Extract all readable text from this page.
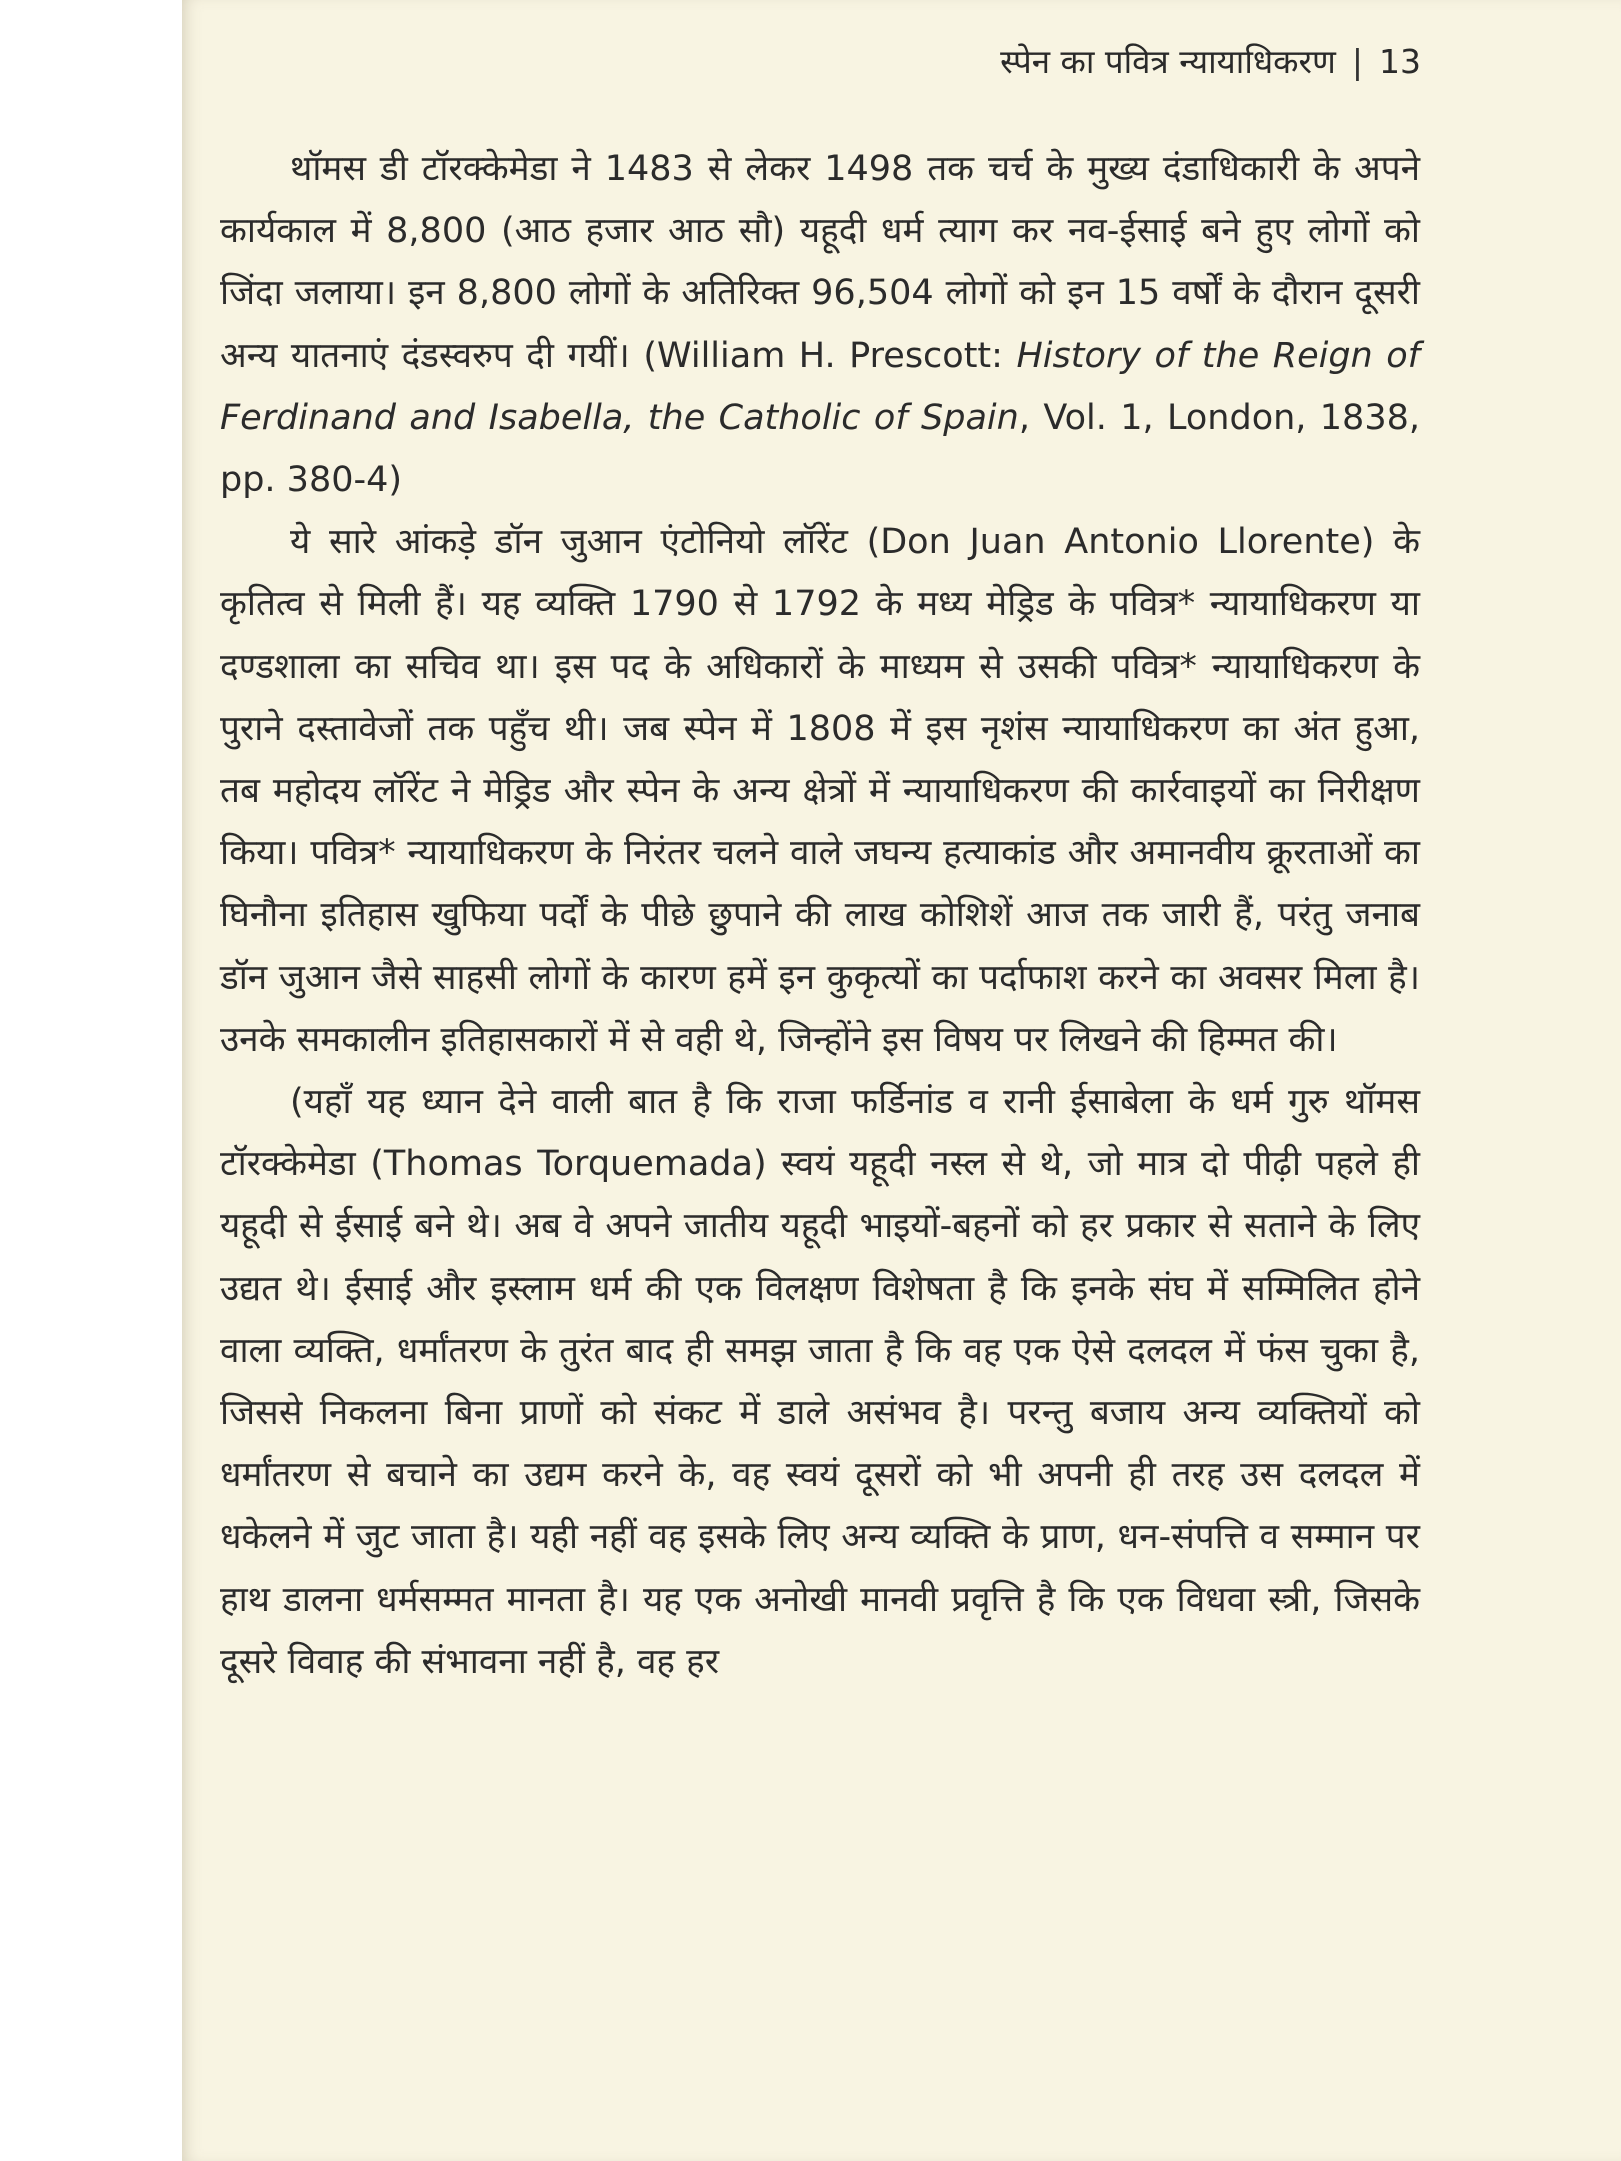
स्पेन का पवित्र न्यायाधिकरण | 13

थॉमस डी टॉरक्केमेडा ने 1483 से लेकर 1498 तक चर्च के मुख्य दंडाधिकारी के अपने कार्यकाल में 8,800 (आठ हजार आठ सौ) यहूदी धर्म त्याग कर नव-ईसाई बने हुए लोगों को जिंदा जलाया। इन 8,800 लोगों के अतिरिक्त 96,504 लोगों को इन 15 वर्षों के दौरान दूसरी अन्य यातनाएं दंडस्वरुप दी गयीं। (William H. Prescott: History of the Reign of Ferdinand and Isabella, the Catholic of Spain, Vol. 1, London, 1838, pp. 380-4)

ये सारे आंकड़े डॉन जुआन एंटोनियो लॉरेंट (Don Juan Antonio Llorente) के कृतित्व से मिली हैं। यह व्यक्ति 1790 से 1792 के मध्य मेड्रिड के पवित्र* न्यायाधिकरण या दण्डशाला का सचिव था। इस पद के अधिकारों के माध्यम से उसकी पवित्र* न्यायाधिकरण के पुराने दस्तावेजों तक पहुँच थी। जब स्पेन में 1808 में इस नृशंस न्यायाधिकरण का अंत हुआ, तब महोदय लॉरेंट ने मेड्रिड और स्पेन के अन्य क्षेत्रों में न्यायाधिकरण की कार्रवाइयों का निरीक्षण किया। पवित्र* न्यायाधिकरण के निरंतर चलने वाले जघन्य हत्याकांड और अमानवीय क्रूरताओं का घिनौना इतिहास खुफिया पर्दों के पीछे छुपाने की लाख कोशिशें आज तक जारी हैं, परंतु जनाब डॉन जुआन जैसे साहसी लोगों के कारण हमें इन कुकृत्यों का पर्दाफाश करने का अवसर मिला है। उनके समकालीन इतिहासकारों में से वही थे, जिन्होंने इस विषय पर लिखने की हिम्मत की।

(यहाँ यह ध्यान देने वाली बात है कि राजा फर्डिनांड व रानी ईसाबेला के धर्म गुरु थॉमस टॉरक्केमेडा (Thomas Torquemada) स्वयं यहूदी नस्ल से थे, जो मात्र दो पीढ़ी पहले ही यहूदी से ईसाई बने थे। अब वे अपने जातीय यहूदी भाइयों-बहनों को हर प्रकार से सताने के लिए उद्यत थे। ईसाई और इस्लाम धर्म की एक विलक्षण विशेषता है कि इनके संघ में सम्मिलित होने वाला व्यक्ति, धर्मांतरण के तुरंत बाद ही समझ जाता है कि वह एक ऐसे दलदल में फंस चुका है, जिससे निकलना बिना प्राणों को संकट में डाले असंभव है। परन्तु बजाय अन्य व्यक्तियों को धर्मांतरण से बचाने का उद्यम करने के, वह स्वयं दूसरों को भी अपनी ही तरह उस दलदल में धकेलने में जुट जाता है। यही नहीं वह इसके लिए अन्य व्यक्ति के प्राण, धन-संपत्ति व सम्मान पर हाथ डालना धर्मसम्मत मानता है। यह एक अनोखी मानवी प्रवृत्ति है कि एक विधवा स्त्री, जिसके दूसरे विवाह की संभावना नहीं है, वह हर
